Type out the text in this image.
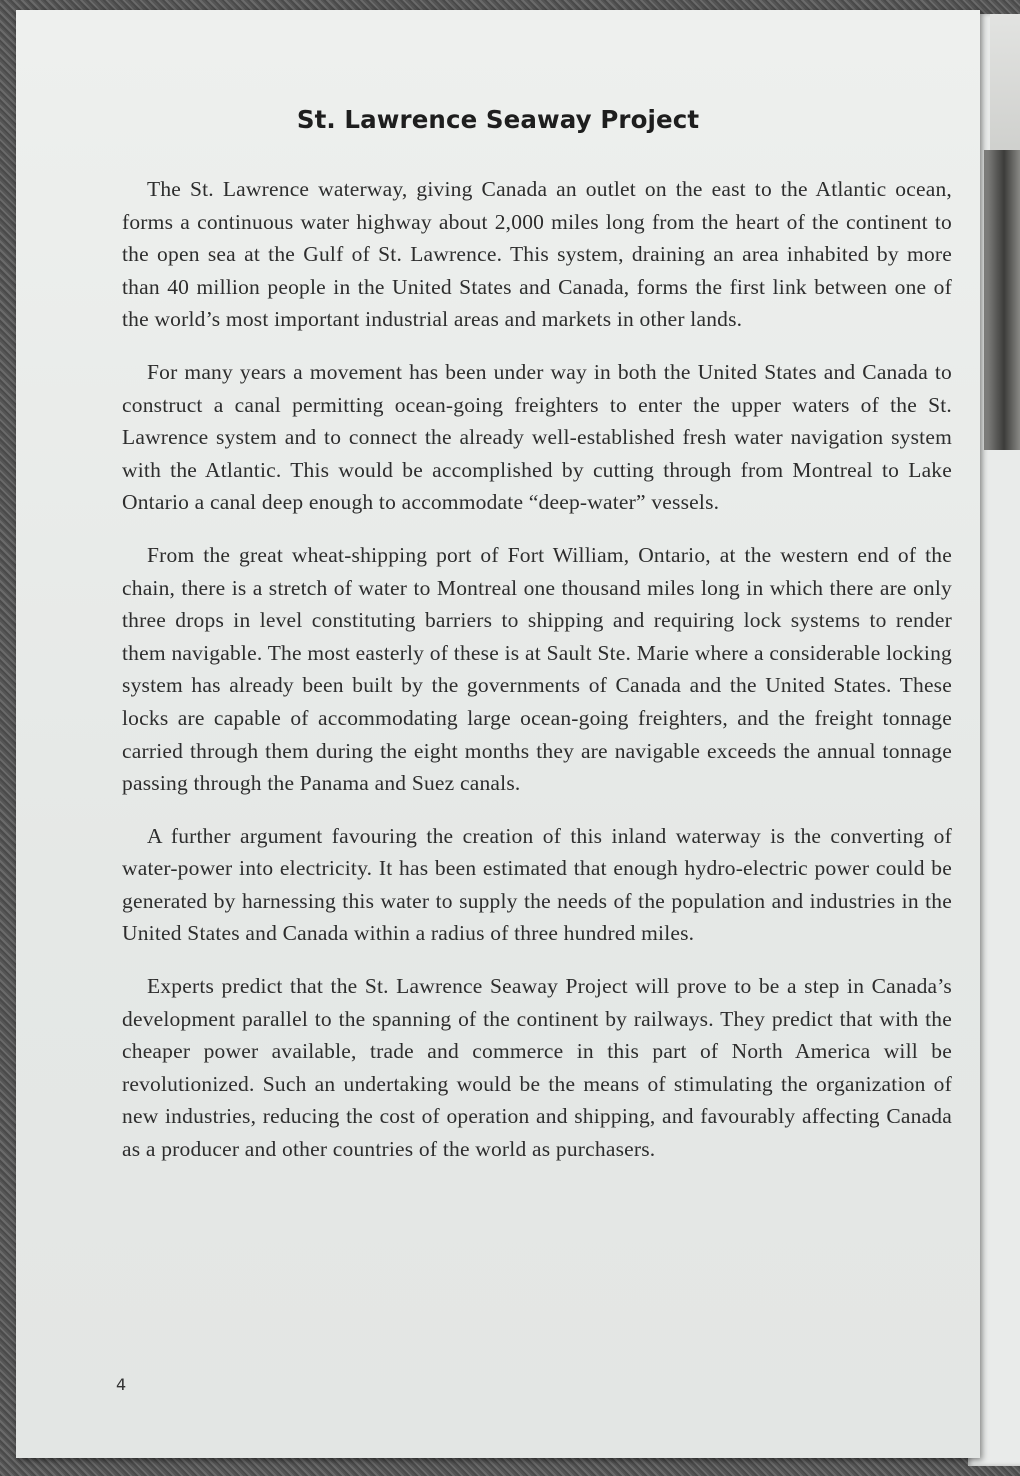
St. Lawrence Seaway Project

The St. Lawrence waterway, giving Canada an outlet on the east to the Atlantic ocean, forms a continuous water highway about 2,000 miles long from the heart of the continent to the open sea at the Gulf of St. Lawrence. This system, draining an area inhabited by more than 40 million people in the United States and Canada, forms the first link between one of the world’s most important industrial areas and markets in other lands.

For many years a movement has been under way in both the United States and Canada to construct a canal permitting ocean-going freighters to enter the upper waters of the St. Lawrence system and to connect the already well-established fresh water navigation system with the Atlantic. This would be accomplished by cutting through from Montreal to Lake Ontario a canal deep enough to accommodate “deep-water” vessels.

From the great wheat-shipping port of Fort William, Ontario, at the western end of the chain, there is a stretch of water to Montreal one thousand miles long in which there are only three drops in level constituting barriers to shipping and requiring lock systems to render them navigable. The most easterly of these is at Sault Ste. Marie where a considerable locking system has already been built by the governments of Canada and the United States. These locks are capable of accommodating large ocean-going freighters, and the freight tonnage carried through them during the eight months they are navigable exceeds the annual tonnage passing through the Panama and Suez canals.

A further argument favouring the creation of this inland waterway is the converting of water-power into electricity. It has been estimated that enough hydro-electric power could be generated by harnessing this water to supply the needs of the population and industries in the United States and Canada within a radius of three hundred miles.

Experts predict that the St. Lawrence Seaway Project will prove to be a step in Canada’s development parallel to the spanning of the continent by railways. They predict that with the cheaper power available, trade and commerce in this part of North America will be revolutionized. Such an undertaking would be the means of stimulating the organization of new industries, reducing the cost of operation and shipping, and favourably affecting Canada as a producer and other countries of the world as purchasers.

4
